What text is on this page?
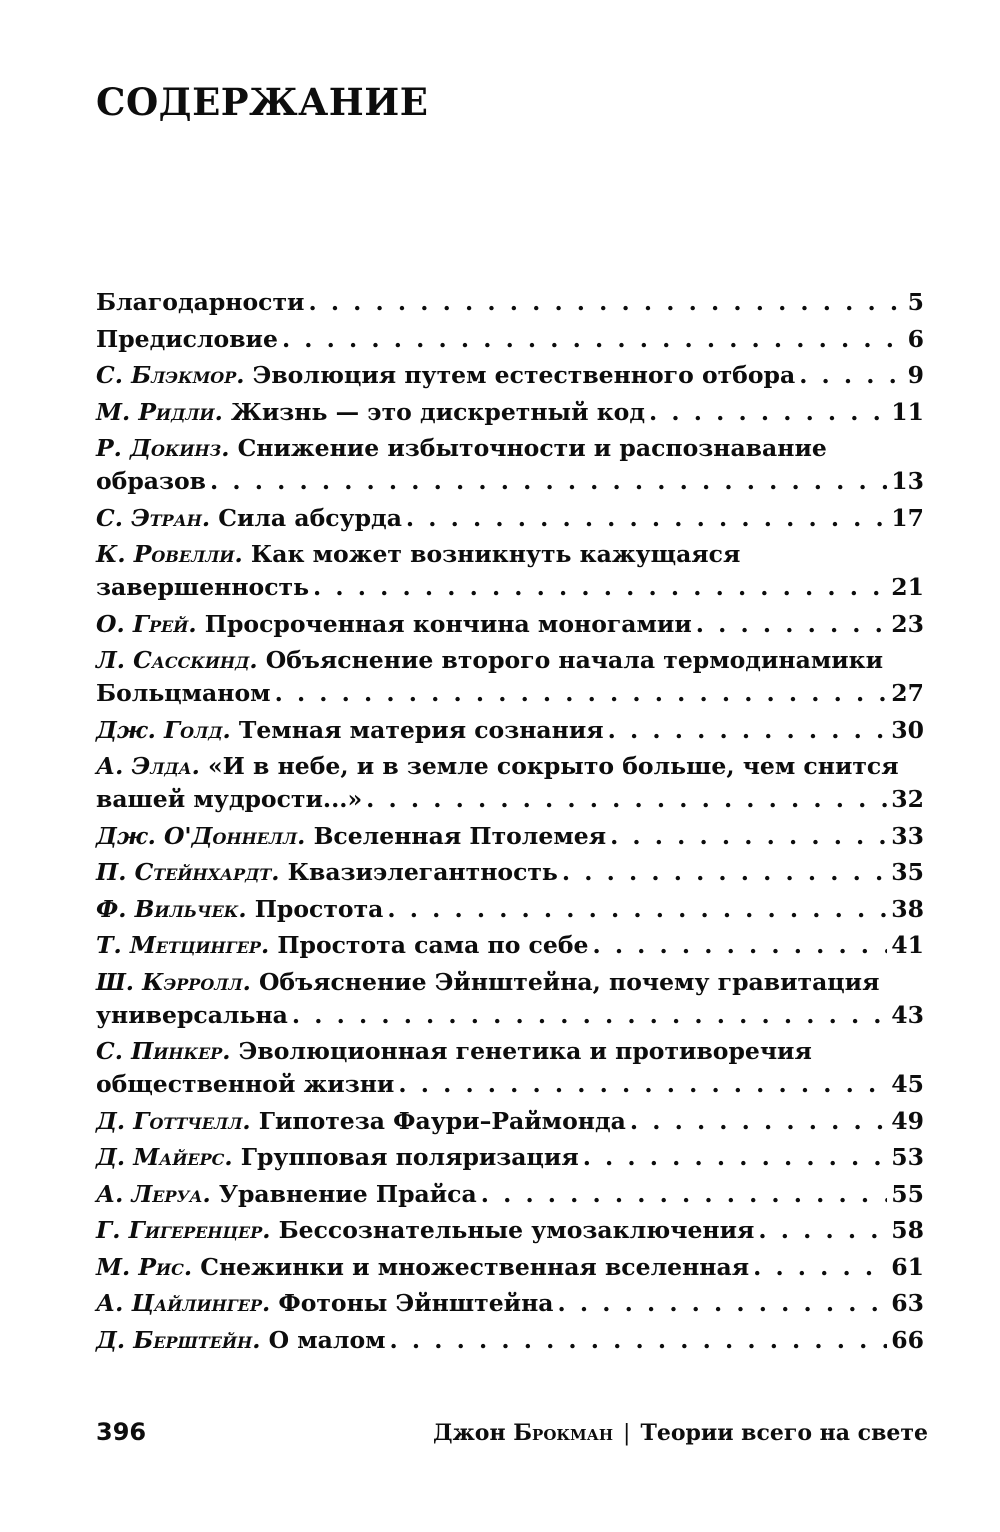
СОДЕРЖАНИЕ
Благодарности . . .	5
Предисловие . . .	6
С. Блэкмор. Эволюция путем естественного отбора . . .	9
М. Ридли. Жизнь — это дискретный код . . .	11
Р. Докинз. Снижение избыточности и распознавание
образов . . .	13
С. Этран. Сила абсурда . . .	17
К. Ровелли. Как может возникнуть кажущаяся
завершенность . . .	21
О. Грей. Просроченная кончина моногамии . . .	23
Л. Сасскинд. Объяснение второго начала термодинамики
Больцманом . . .	27
Дж. Голд. Темная материя сознания . . .	30
А. Элда. «И в небе, и в земле сокрыто больше, чем снится
вашей мудрости...» . . .	32
Дж. О'Доннелл. Вселенная Птолемея . . .	33
П. Стейнхардт. Квазиэлегантность . . .	35
Ф. Вильчек. Простота . . .	38
Т. Метцингер. Простота сама по себе . . .	41
Ш. Кэрролл. Объяснение Эйнштейна, почему гравитация
универсальна . . .	43
С. Пинкер. Эволюционная генетика и противоречия
общественной жизни . . .	45
Д. Готтчелл. Гипотеза Фаури–Раймонда . . .	49
Д. Майерс. Групповая поляризация . . .	53
А. Леруа. Уравнение Прайса . . .	55
Г. Гигеренцер. Бессознательные умозаключения . . .	58
М. Рис. Снежинки и множественная вселенная . . .	61
А. Цайлингер. Фотоны Эйнштейна . . .	63
Д. Берштейн. О малом . . .	66
396	Джон Брокман | Теории всего на свете
